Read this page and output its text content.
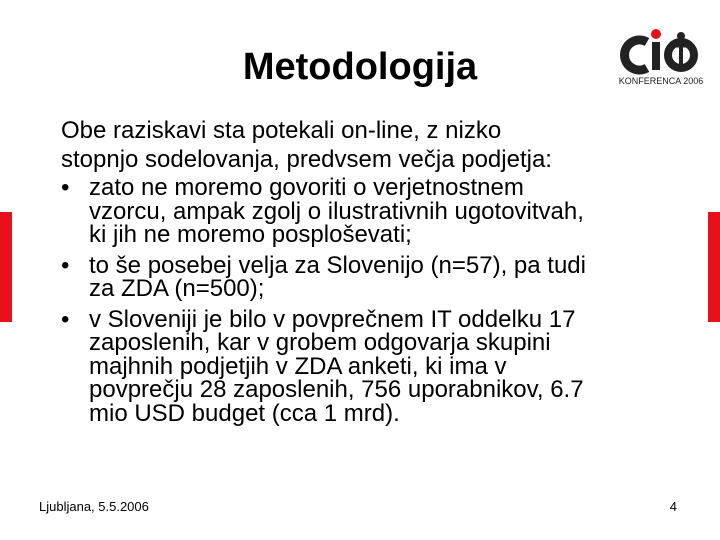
Metodologija	KONFERENCA 2006
Obe raziskavi sta potekali on-line, z nizko
stopnjo sodelovanja, predvsem večja podjetja:
• zato ne moremo govoriti o verjetnostnem
vzorcu, ampak zgolj o ilustrativnih ugotovitvah,
ki jih ne moremo posploševati;
• to še posebej velja za Slovenijo (n=57), pa tudi
za ZDA (n=500);
• v Sloveniji je bilo v povprečnem IT oddelku 17
zaposlenih, kar v grobem odgovarja skupini
majhnih podjetjih v ZDA anketi, ki ima v
povprečju 28 zaposlenih, 756 uporabnikov, 6.7
mio USD budget (cca 1 mrd).
Ljubljana, 5.5.2006	4
